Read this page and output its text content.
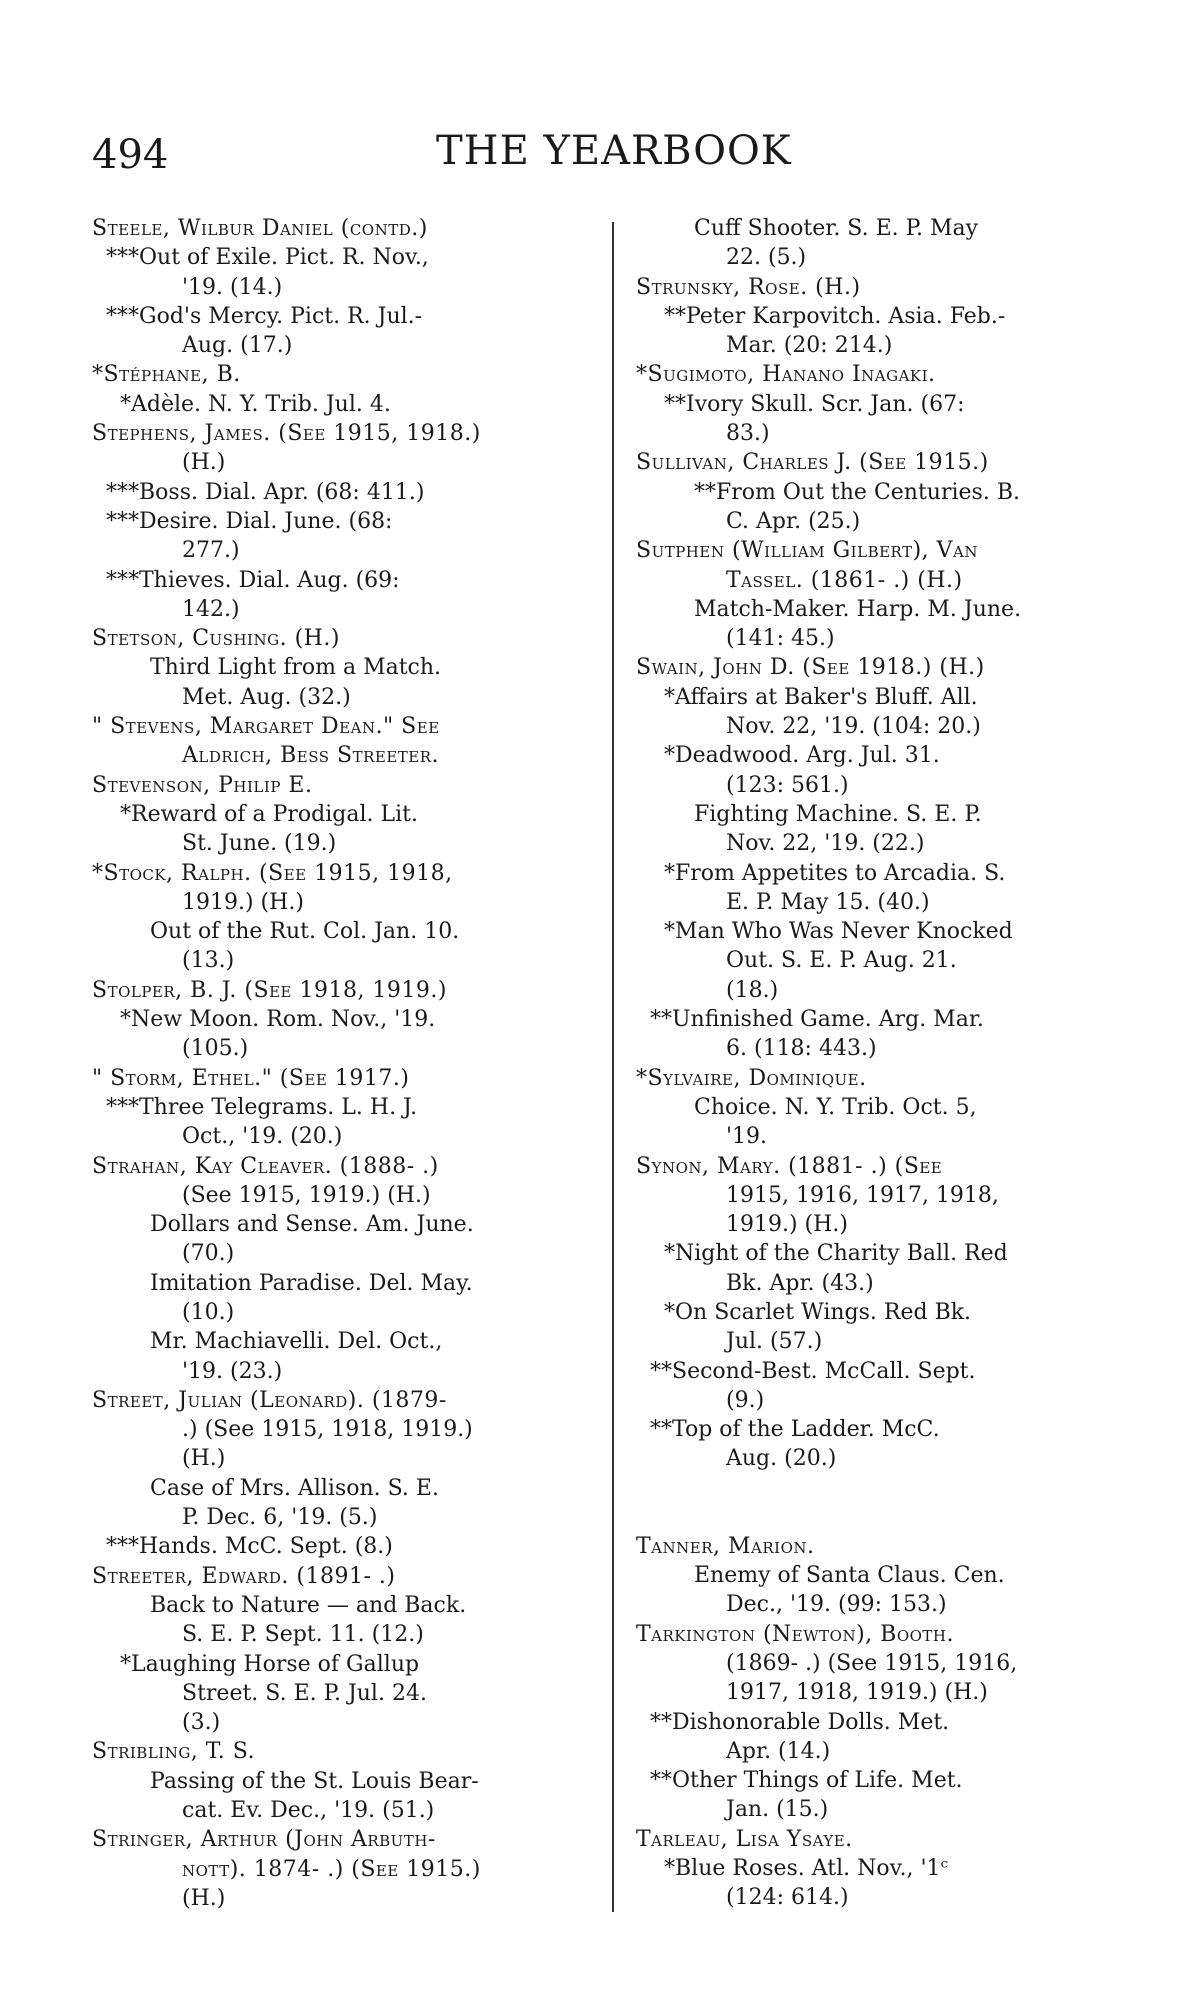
494	THE YEARBOOK
Steele, Wilbur Daniel (contd.)
***Out of Exile. Pict. R. Nov.,
'19. (14.)
***God's Mercy. Pict. R. Jul.-
Aug. (17.)
*Stéphane, B.
*Adèle. N. Y. Trib. Jul. 4.
Stephens, James. (See 1915, 1918.)
(H.)
***Boss. Dial. Apr. (68: 411.)
***Desire. Dial. June. (68:
277.)
***Thieves. Dial. Aug. (69:
142.)
Stetson, Cushing. (H.)
Third Light from a Match.
Met. Aug. (32.)
" Stevens, Margaret Dean." See
Aldrich, Bess Streeter.
Stevenson, Philip E.
*Reward of a Prodigal. Lit.
St. June. (19.)
*Stock, Ralph. (See 1915, 1918,
1919.) (H.)
Out of the Rut. Col. Jan. 10.
(13.)
Stolper, B. J. (See 1918, 1919.)
*New Moon. Rom. Nov., '19.
(105.)
" Storm, Ethel." (See 1917.)
***Three Telegrams. L. H. J.
Oct., '19. (20.)
Strahan, Kay Cleaver. (1888- .)
(See 1915, 1919.) (H.)
Dollars and Sense. Am. June.
(70.)
Imitation Paradise. Del. May.
(10.)
Mr. Machiavelli. Del. Oct.,
'19. (23.)
Street, Julian (Leonard). (1879-
.) (See 1915, 1918, 1919.)
(H.)
Case of Mrs. Allison. S. E.
P. Dec. 6, '19. (5.)
***Hands. McC. Sept. (8.)
Streeter, Edward. (1891- .)
Back to Nature — and Back.
S. E. P. Sept. 11. (12.)
*Laughing Horse of Gallup
Street. S. E. P. Jul. 24.
(3.)
Stribling, T. S.
Passing of the St. Louis Bear-
cat. Ev. Dec., '19. (51.)
Stringer, Arthur (John Arbuth-
nott). 1874- .) (See 1915.)
(H.)
Cuff Shooter. S. E. P. May
22. (5.)
Strunsky, Rose. (H.)
**Peter Karpovitch. Asia. Feb.-
Mar. (20: 214.)
*Sugimoto, Hanano Inagaki.
**Ivory Skull. Scr. Jan. (67:
83.)
Sullivan, Charles J. (See 1915.)
**From Out the Centuries. B.
C. Apr. (25.)
Sutphen (William Gilbert), Van
Tassel. (1861- .) (H.)
Match-Maker. Harp. M. June.
(141: 45.)
Swain, John D. (See 1918.) (H.)
*Affairs at Baker's Bluff. All.
Nov. 22, '19. (104: 20.)
*Deadwood. Arg. Jul. 31.
(123: 561.)
Fighting Machine. S. E. P.
Nov. 22, '19. (22.)
*From Appetites to Arcadia. S.
E. P. May 15. (40.)
*Man Who Was Never Knocked
Out. S. E. P. Aug. 21.
(18.)
**Unfinished Game. Arg. Mar.
6. (118: 443.)
*Sylvaire, Dominique.
Choice. N. Y. Trib. Oct. 5,
'19.
Synon, Mary. (1881- .) (See
1915, 1916, 1917, 1918,
1919.) (H.)
*Night of the Charity Ball. Red
Bk. Apr. (43.)
*On Scarlet Wings. Red Bk.
Jul. (57.)
**Second-Best. McCall. Sept.
(9.)
**Top of the Ladder. McC.
Aug. (20.)
Tanner, Marion.
Enemy of Santa Claus. Cen.
Dec., '19. (99: 153.)
Tarkington (Newton), Booth.
(1869- .) (See 1915, 1916,
1917, 1918, 1919.) (H.)
**Dishonorable Dolls. Met.
Apr. (14.)
**Other Things of Life. Met.
Jan. (15.)
Tarleau, Lisa Ysaye.
*Blue Roses. Atl. Nov., '1ᶜ
(124: 614.)
